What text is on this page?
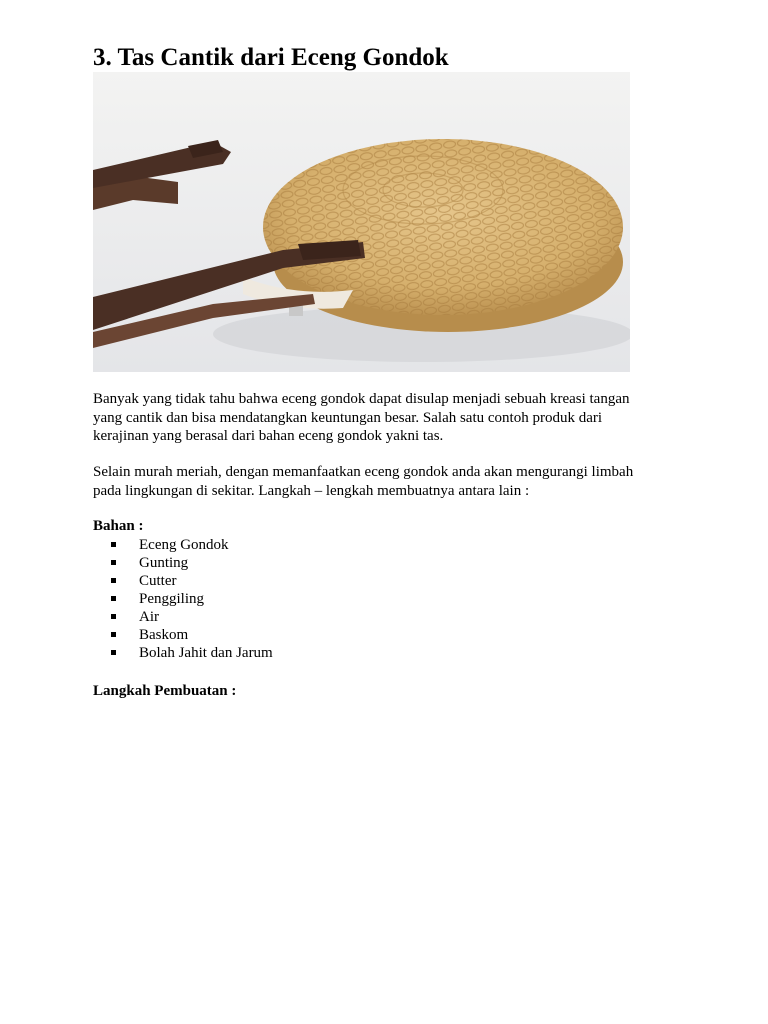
3. Tas Cantik dari Eceng Gondok

Banyak yang tidak tahu bahwa eceng gondok dapat disulap menjadi sebuah kreasi tangan yang cantik dan bisa mendatangkan keuntungan besar. Salah satu contoh produk dari kerajinan yang berasal dari bahan eceng gondok yakni tas.

Selain murah meriah, dengan memanfaatkan eceng gondok anda akan mengurangi limbah pada lingkungan di sekitar. Langkah – lengkah membuatnya antara lain :

Bahan :

Eceng Gondok
Gunting
Cutter
Penggiling
Air
Baskom
Bolah Jahit dan Jarum

Langkah Pembuatan :
